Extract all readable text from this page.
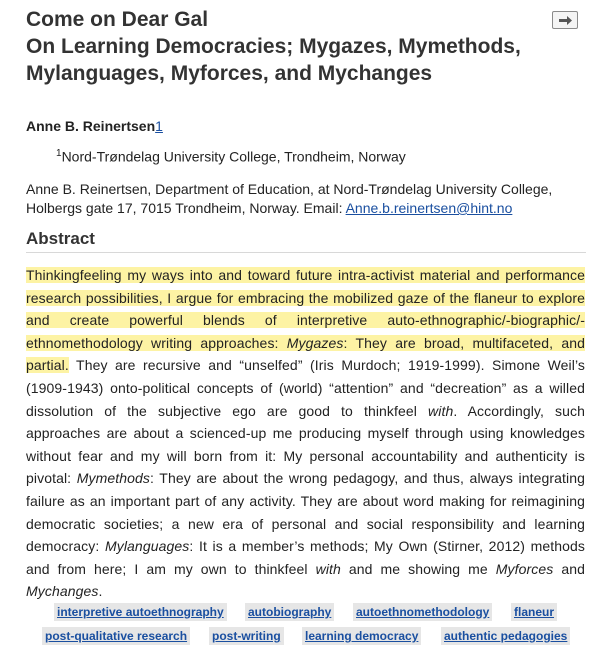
Come on Dear Gal
On Learning Democracies; Mygazes, Mymethods, Mylanguages, Myforces, and Mychanges

Anne B. Reinertsen1

$^1$Nord-Trøndelag University College, Trondheim, Norway

Anne B. Reinertsen, Department of Education, at Nord-Trøndelag University College, Holbergs gate 17, 7015 Trondheim, Norway. Email: Anne.b.reinertsen@hint.no

Abstract

Thinkingfeeling my ways into and toward future intra-activist material and performance research possibilities, I argue for embracing the mobilized gaze of the flaneur to explore and create powerful blends of interpretive auto-ethnographic/-biographic/-ethnomethodology writing approaches: Mygazes: They are broad, multifaceted, and partial. They are recursive and “unselfed” (Iris Murdoch; 1919-1999). Simone Weil’s (1909-1943) onto-political concepts of (world) “attention” and “decreation” as a willed dissolution of the subjective ego are good to thinkfeel with. Accordingly, such approaches are about a scienced-up me producing myself through using knowledges without fear and my will born from it: My personal accountability and authenticity is pivotal: Mymethods: They are about the wrong pedagogy, and thus, always integrating failure as an important part of any activity. They are about word making for reimagining democratic societies; a new era of personal and social responsibility and learning democracy: Mylanguages: It is a member’s methods; My Own (Stirner, 2012) methods and from here; I am my own to thinkfeel with and me showing me Myforces and Mychanges.

interpretive autoethnography autobiography autoethnomethodology flaneur
post-qualitative research post-writing learning democracy authentic pedagogies
